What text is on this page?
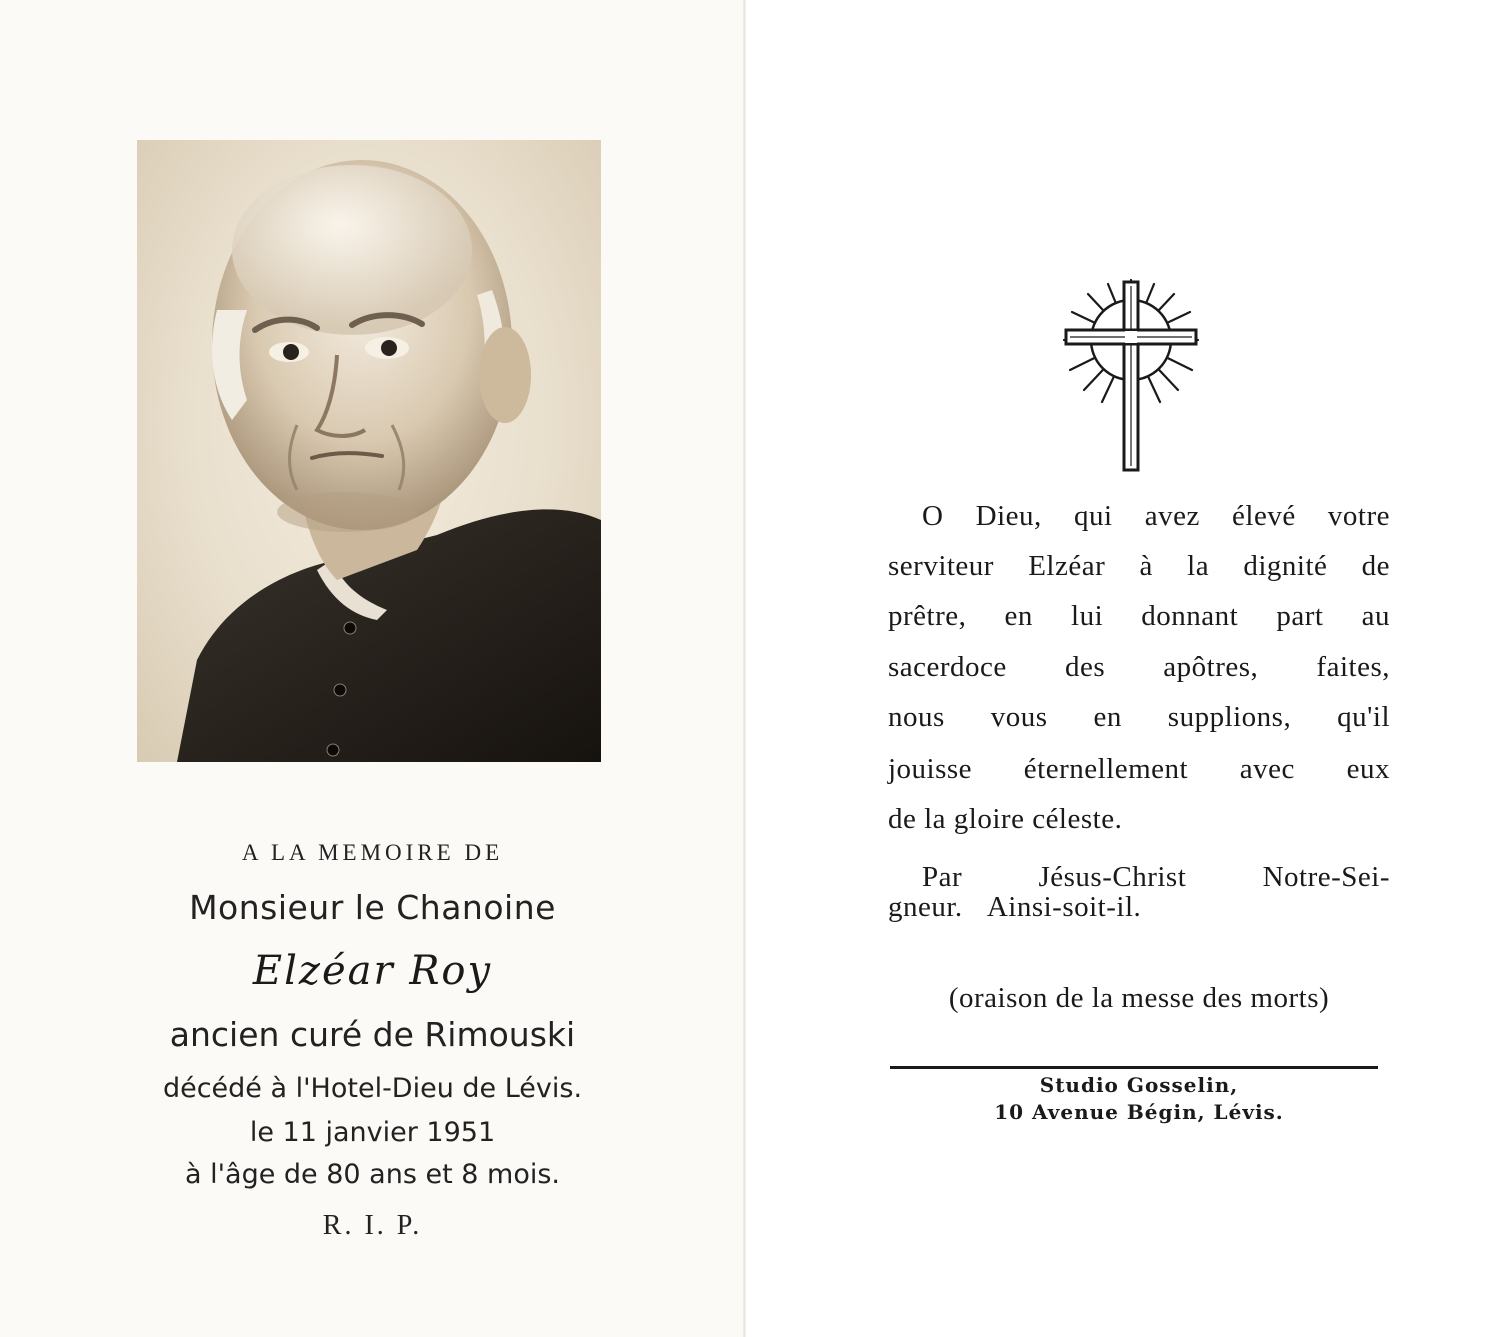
A LA MEMOIRE DE
Monsieur le Chanoine
Elzéar Roy
ancien curé de Rimouski
décédé à l'Hotel-Dieu de Lévis.
le 11 janvier 1951
à l'âge de 80 ans et 8 mois.
R. I. P.
O Dieu, qui avez élevé votre
serviteur Elzéar à la dignité de
prêtre, en lui donnant part au
sacerdoce des apôtres, faites,
nous vous en supplions, qu'il
jouisse éternellement avec eux
de la gloire céleste.
Par Jésus-Christ Notre-Sei-
gneur. Ainsi-soit-il.
(oraison de la messe des morts)
Studio Gosselin,
10 Avenue Bégin, Lévis.
